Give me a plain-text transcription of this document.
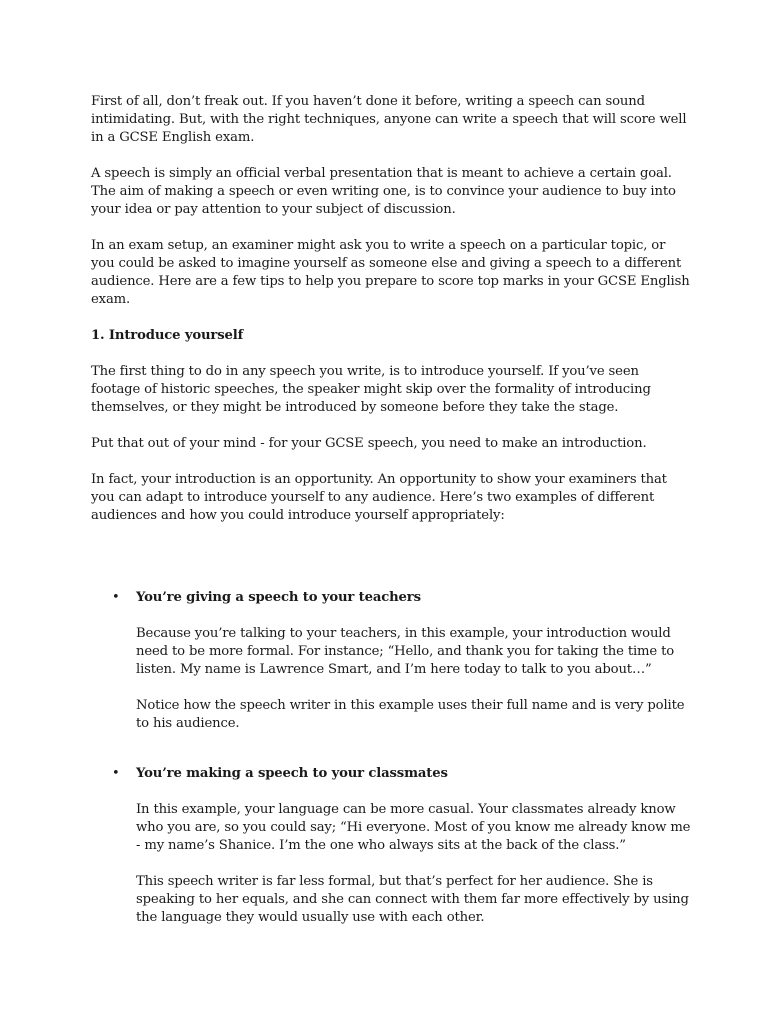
First of all, don’t freak out. If you haven’t done it before, writing a speech can sound intimidating. But, with the right techniques, anyone can write a speech that will score well in a GCSE English exam.

A speech is simply an official verbal presentation that is meant to achieve a certain goal. The aim of making a speech or even writing one, is to convince your audience to buy into your idea or pay attention to your subject of discussion.

In an exam setup, an examiner might ask you to write a speech on a particular topic, or you could be asked to imagine yourself as someone else and giving a speech to a different audience. Here are a few tips to help you prepare to score top marks in your GCSE English exam.

1. Introduce yourself

The first thing to do in any speech you write, is to introduce yourself. If you’ve seen footage of historic speeches, the speaker might skip over the formality of introducing themselves, or they might be introduced by someone before they take the stage.

Put that out of your mind - for your GCSE speech, you need to make an introduction.

In fact, your introduction is an opportunity. An opportunity to show your examiners that you can adapt to introduce yourself to any audience. Here’s two examples of different audiences and how you could introduce yourself appropriately:

• You’re giving a speech to your teachers

Because you’re talking to your teachers, in this example, your introduction would need to be more formal. For instance; “Hello, and thank you for taking the time to listen. My name is Lawrence Smart, and I’m here today to talk to you about…”

Notice how the speech writer in this example uses their full name and is very polite to his audience.

• You’re making a speech to your classmates

In this example, your language can be more casual. Your classmates already know who you are, so you could say; “Hi everyone. Most of you know me already know me - my name’s Shanice. I’m the one who always sits at the back of the class.”

This speech writer is far less formal, but that’s perfect for her audience. She is speaking to her equals, and she can connect with them far more effectively by using the language they would usually use with each other.
